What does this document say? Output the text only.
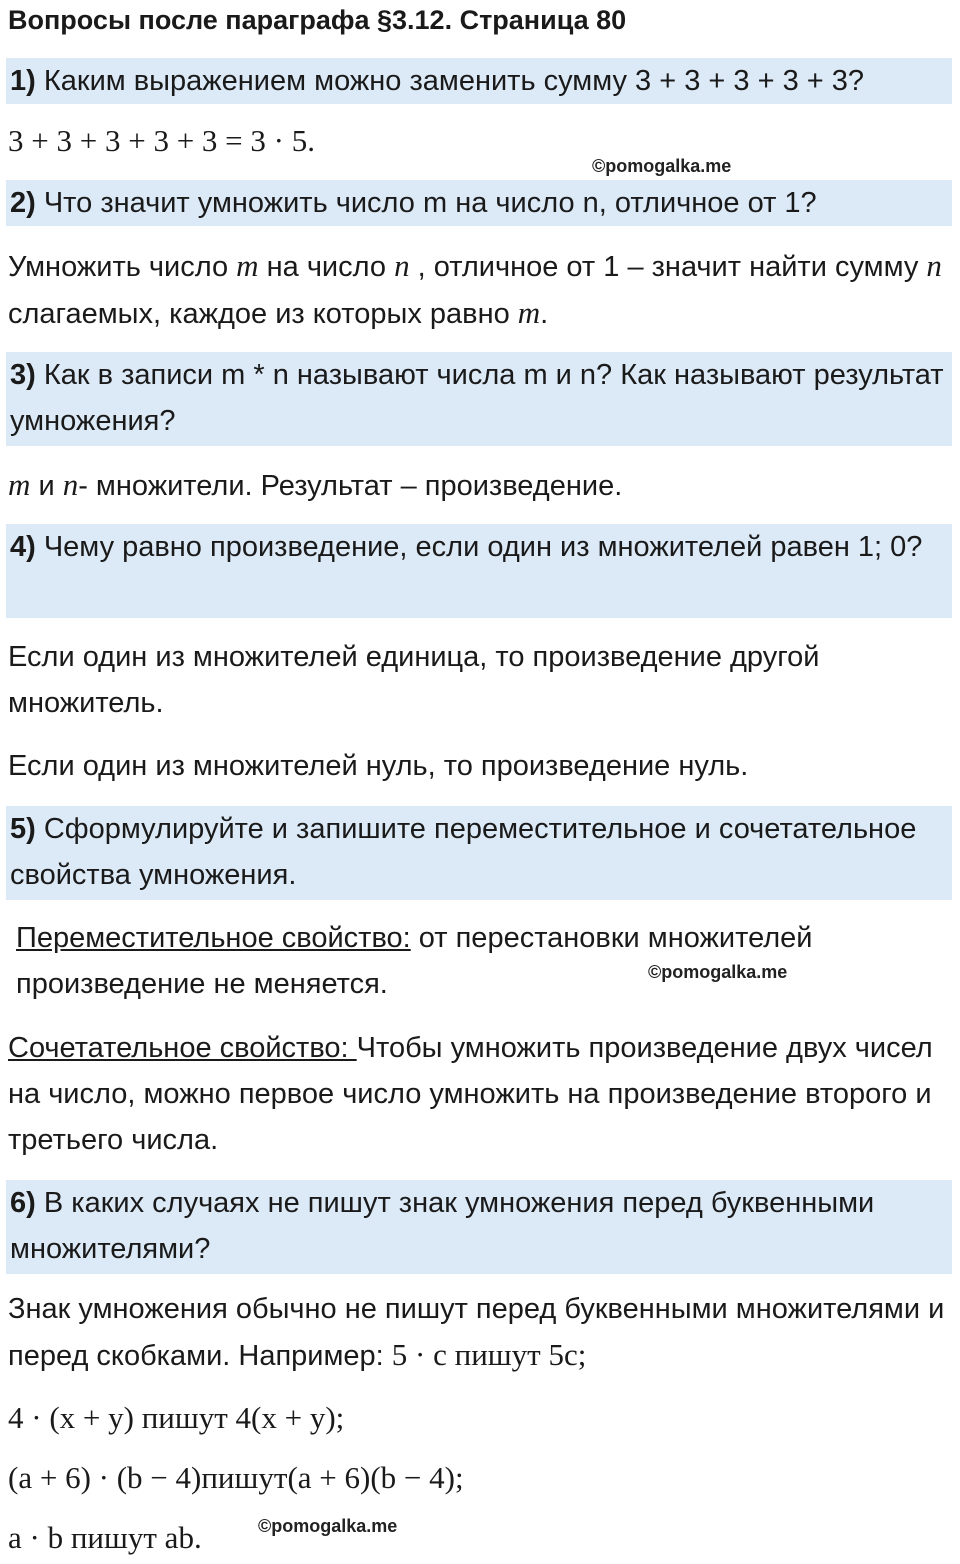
Вопросы после параграфа §3.12. Страница 80
1) Каким выражением можно заменить сумму 3 + 3 + 3 + 3 + 3?
3 + 3 + 3 + 3 + 3 = 3 · 5.
©pomogalka.me
2) Что значит умножить число m на число n, отличное от 1?
Умножить число m на число n , отличное от 1 – значит найти сумму n слагаемых, каждое из которых равно m.
3) Как в записи m * n называют числа m и n? Как называют результат умножения?
m и n- множители. Результат – произведение.
4) Чему равно произведение, если один из множителей равен 1; 0?
Если один из множителей единица, то произведение другой множитель.
Если один из множителей нуль, то произведение нуль.
5) Сформулируйте и запишите переместительное и сочетательное свойства умножения.
Переместительное свойство: от перестановки множителей произведение не меняется.	©pomogalka.me
Сочетательное свойство: Чтобы умножить произведение двух чисел на число, можно первое число умножить на произведение второго и третьего числа.
6) В каких случаях не пишут знак умножения перед буквенными множителями?
Знак умножения обычно не пишут перед буквенными множителями и перед скобками. Например: 5 · c пишут 5c;
4 · (x + y) пишут 4(x + y);
(a + 6) · (b − 4)пишут(a + 6)(b − 4);
a · b пишут ab.	©pomogalka.me
